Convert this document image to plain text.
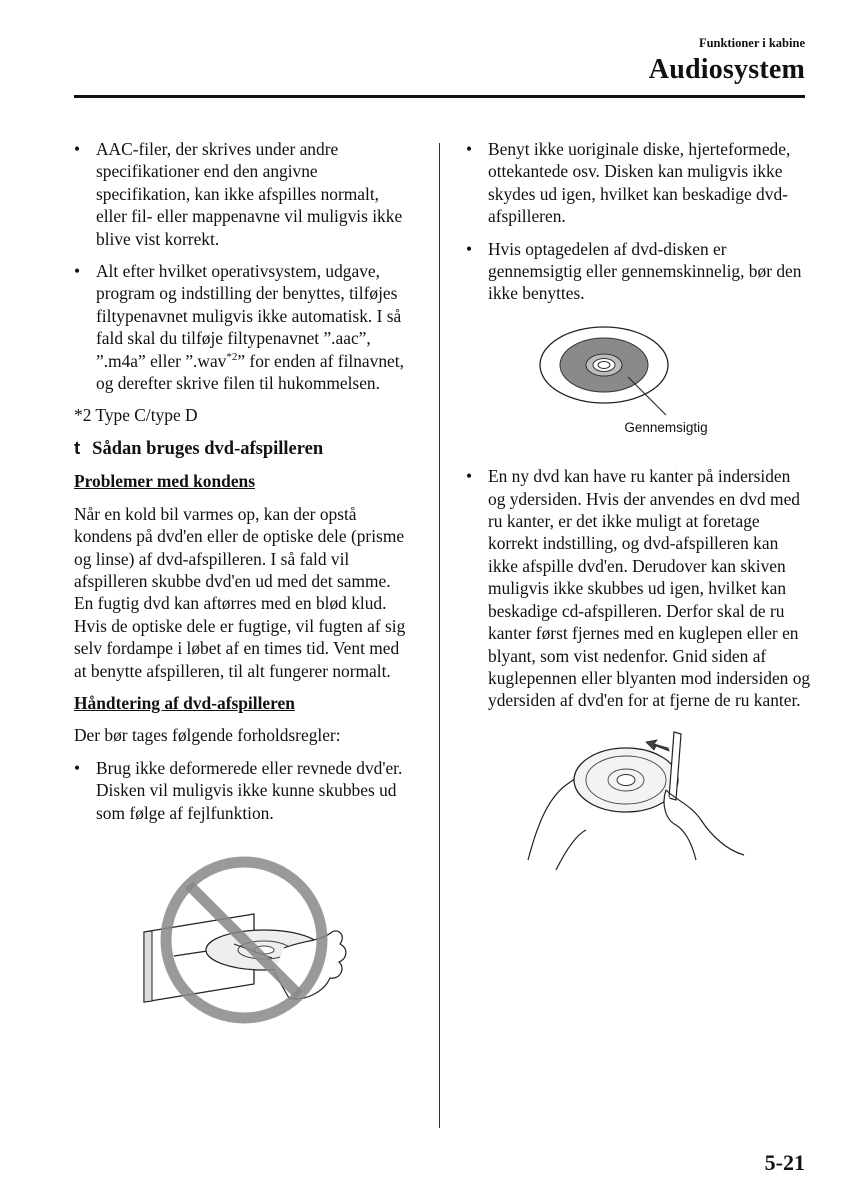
Funktioner i kabine
Audiosystem
• AAC-filer, der skrives under andre specifikationer end den angivne specifikation, kan ikke afspilles normalt, eller fil- eller mappenavne vil muligvis ikke blive vist korrekt.
• Alt efter hvilket operativsystem, udgave, program og indstilling der benyttes, tilføjes filtypenavnet muligvis ikke automatisk. I så fald skal du tilføje filtypenavnet ”.aac”, ”.m4a” eller ”.wav$^{*2}$” for enden af filnavnet, og derefter skrive filen til hukommelsen.
*2 Type C/type D
t Sådan bruges dvd-afspilleren
Problemer med kondens
Når en kold bil varmes op, kan der opstå kondens på dvd'en eller de optiske dele (prisme og linse) af dvd-afspilleren. I så fald vil afspilleren skubbe dvd'en ud med det samme. En fugtig dvd kan aftørres med en blød klud. Hvis de optiske dele er fugtige, vil fugten af sig selv fordampe i løbet af en times tid. Vent med at benytte afspilleren, til alt fungerer normalt.
Håndtering af dvd-afspilleren
Der bør tages følgende forholdsregler:
• Brug ikke deformerede eller revnede dvd'er. Disken vil muligvis ikke kunne skubbes ud som følge af fejlfunktion.
• Benyt ikke uoriginale diske, hjerteformede, ottekantede osv. Disken kan muligvis ikke skydes ud igen, hvilket kan beskadige dvd-afspilleren.
• Hvis optagedelen af dvd-disken er gennemsigtig eller gennemskinnelig, bør den ikke benyttes.
Gennemsigtig
• En ny dvd kan have ru kanter på indersiden og ydersiden. Hvis der anvendes en dvd med ru kanter, er det ikke muligt at foretage korrekt indstilling, og dvd-afspilleren kan ikke afspille dvd'en. Derudover kan skiven muligvis ikke skubbes ud igen, hvilket kan beskadige cd-afspilleren. Derfor skal de ru kanter først fjernes med en kuglepen eller en blyant, som vist nedenfor. Gnid siden af kuglepennen eller blyanten mod indersiden og ydersiden af dvd'en for at fjerne de ru kanter.
5-21
